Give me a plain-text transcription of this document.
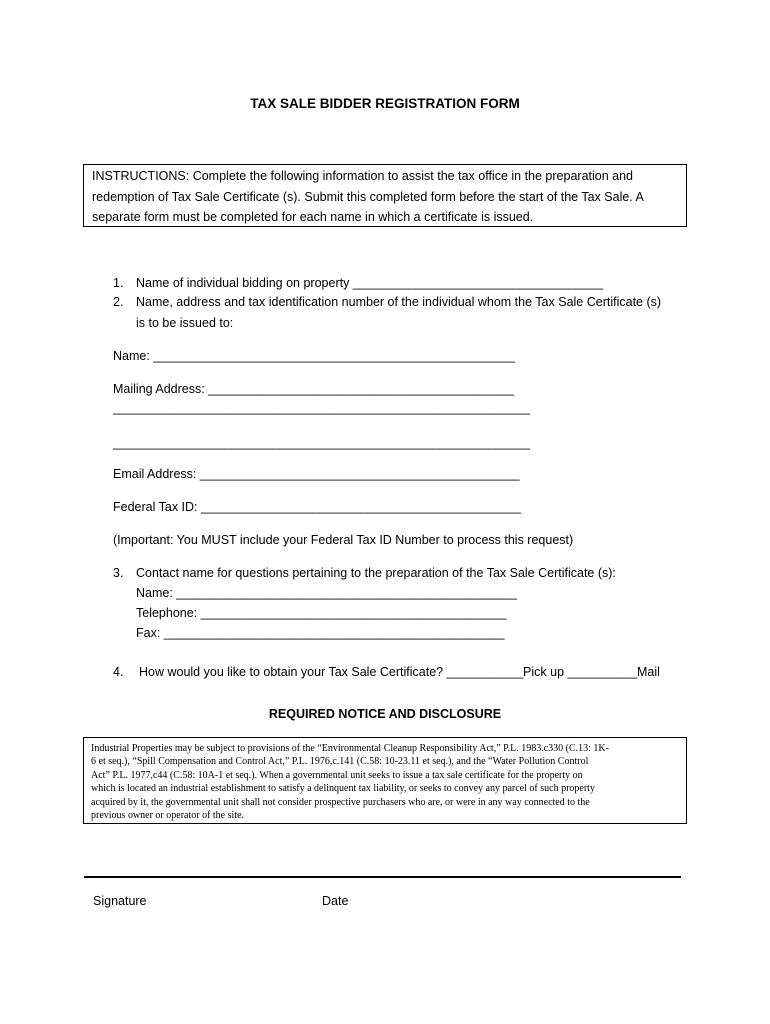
TAX SALE BIDDER REGISTRATION FORM
INSTRUCTIONS: Complete the following information to assist the tax office in the preparation and
redemption of Tax Sale Certificate (s). Submit this completed form before the start of the Tax Sale. A
separate form must be completed for each name in which a certificate is issued.
1. Name of individual bidding on property ____________________________________
2. Name, address and tax identification number of the individual whom the Tax Sale Certificate (s)
is to be issued to:
Name: ____________________________________________________
Mailing Address: ____________________________________________
____________________________________________________________
____________________________________________________________
Email Address: ______________________________________________
Federal Tax ID: ______________________________________________
(Important: You MUST include your Federal Tax ID Number to process this request)
3. Contact name for questions pertaining to the preparation of the Tax Sale Certificate (s):
Name: _________________________________________________
Telephone: ____________________________________________
Fax: _________________________________________________
4. How would you like to obtain your Tax Sale Certificate? ___________Pick up __________Mail
REQUIRED NOTICE AND DISCLOSURE
Industrial Properties may be subject to provisions of the “Environmental Cleanup Responsibility Act,” P.L. 1983.c330 (C.13: 1K-
6 et seq.), “Spill Compensation and Control Act,” P.L. 1976,c.141 (C.58: 10-23.11 et seq.), and the “Water Pollution Control
Act” P.L. 1977,c44 (C.58: 10A-1 et seq.). When a governmental unit seeks to issue a tax sale certificate for the property on
which is located an industrial establishment to satisfy a delinquent tax liability, or seeks to convey any parcel of such property
acquired by it, the governmental unit shall not consider prospective purchasers who are, or were in any way connected to the
previous owner or operator of the site.
Signature	Date
